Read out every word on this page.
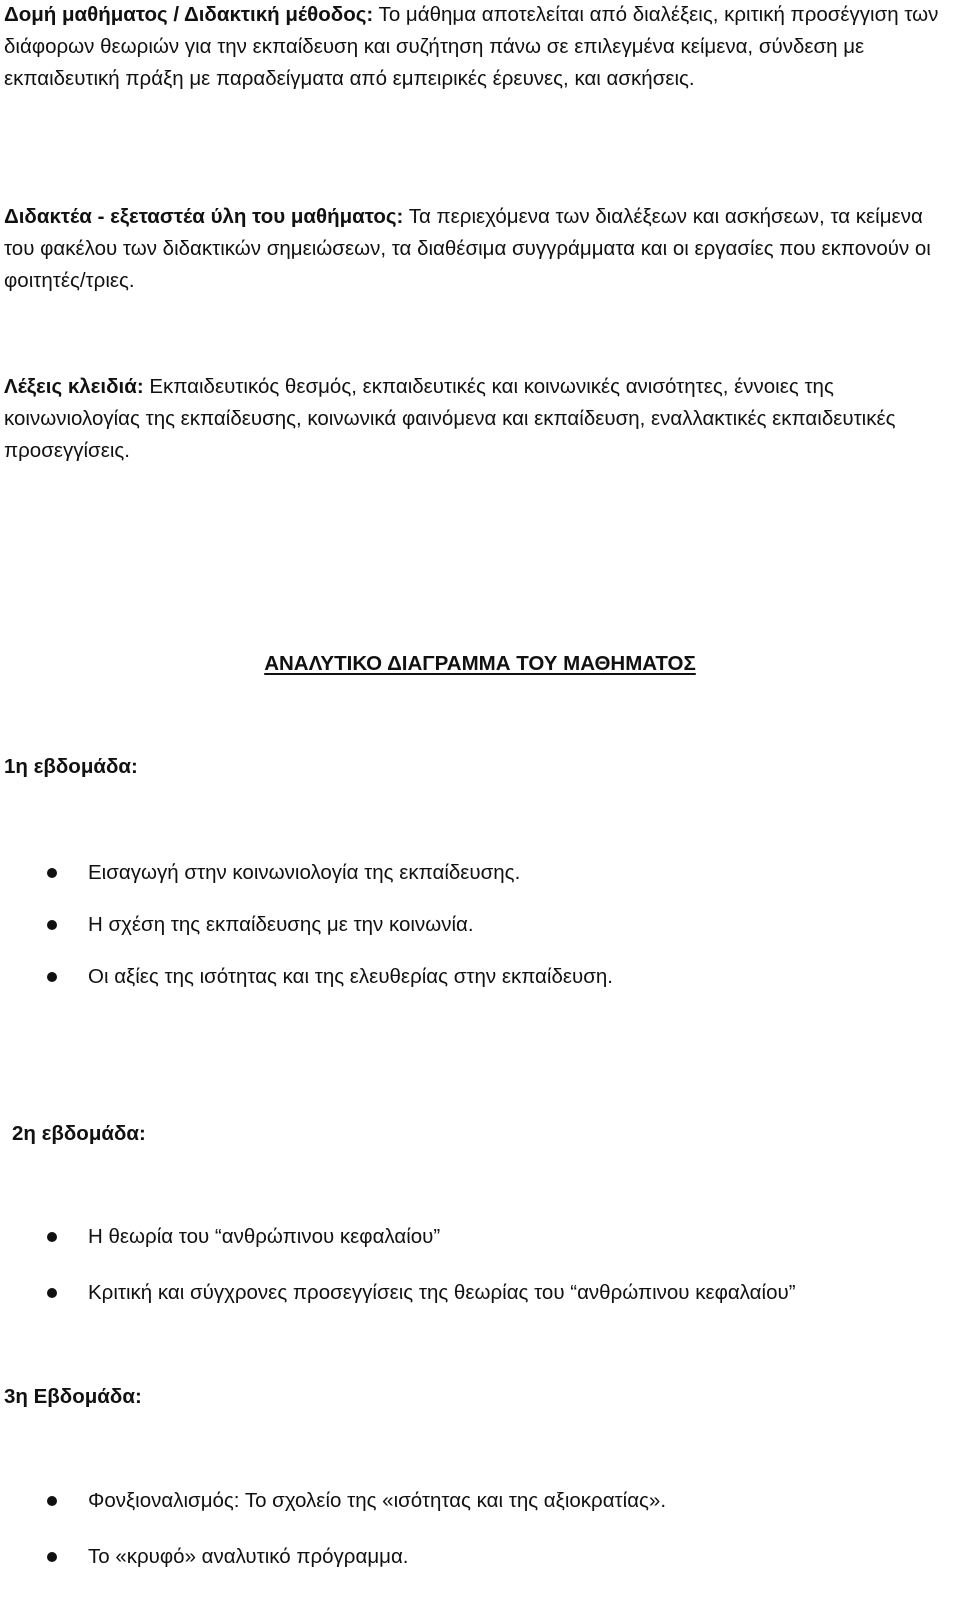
Δομή μαθήματος / Διδακτική μέθοδος: Το μάθημα αποτελείται από διαλέξεις, κριτική προσέγγιση των διάφορων θεωριών για την εκπαίδευση και συζήτηση πάνω σε επιλεγμένα κείμενα, σύνδεση με εκπαιδευτική πράξη με παραδείγματα από εμπειρικές έρευνες, και ασκήσεις.

Διδακτέα - εξεταστέα ύλη του μαθήματος: Τα περιεχόμενα των διαλέξεων και ασκήσεων, τα κείμενα του φακέλου των διδακτικών σημειώσεων, τα διαθέσιμα συγγράμματα και οι εργασίες που εκπονούν οι φοιτητές/τριες.

Λέξεις κλειδιά: Εκπαιδευτικός θεσμός, εκπαιδευτικές και κοινωνικές ανισότητες, έννοιες της κοινωνιολογίας της εκπαίδευσης, κοινωνικά φαινόμενα και εκπαίδευση, εναλλακτικές εκπαιδευτικές προσεγγίσεις.

ΑΝΑΛΥΤΙΚΟ ΔΙΑΓΡΑΜΜΑ ΤΟΥ ΜΑΘΗΜΑΤΟΣ
1η εβδομάδα:
Εισαγωγή στην κοινωνιολογία της εκπαίδευσης.
Η σχέση της εκπαίδευσης με την κοινωνία.
Οι αξίες της ισότητας και της ελευθερίας στην εκπαίδευση.
2η εβδομάδα:
Η θεωρία του “ανθρώπινου κεφαλαίου”
Κριτική και σύγχρονες προσεγγίσεις της θεωρίας του “ανθρώπινου κεφαλαίου”
3η Εβδομάδα:
Φονξιοναλισμός: Το σχολείο της «ισότητας και της αξιοκρατίας».
Το «κρυφό» αναλυτικό πρόγραμμα.
